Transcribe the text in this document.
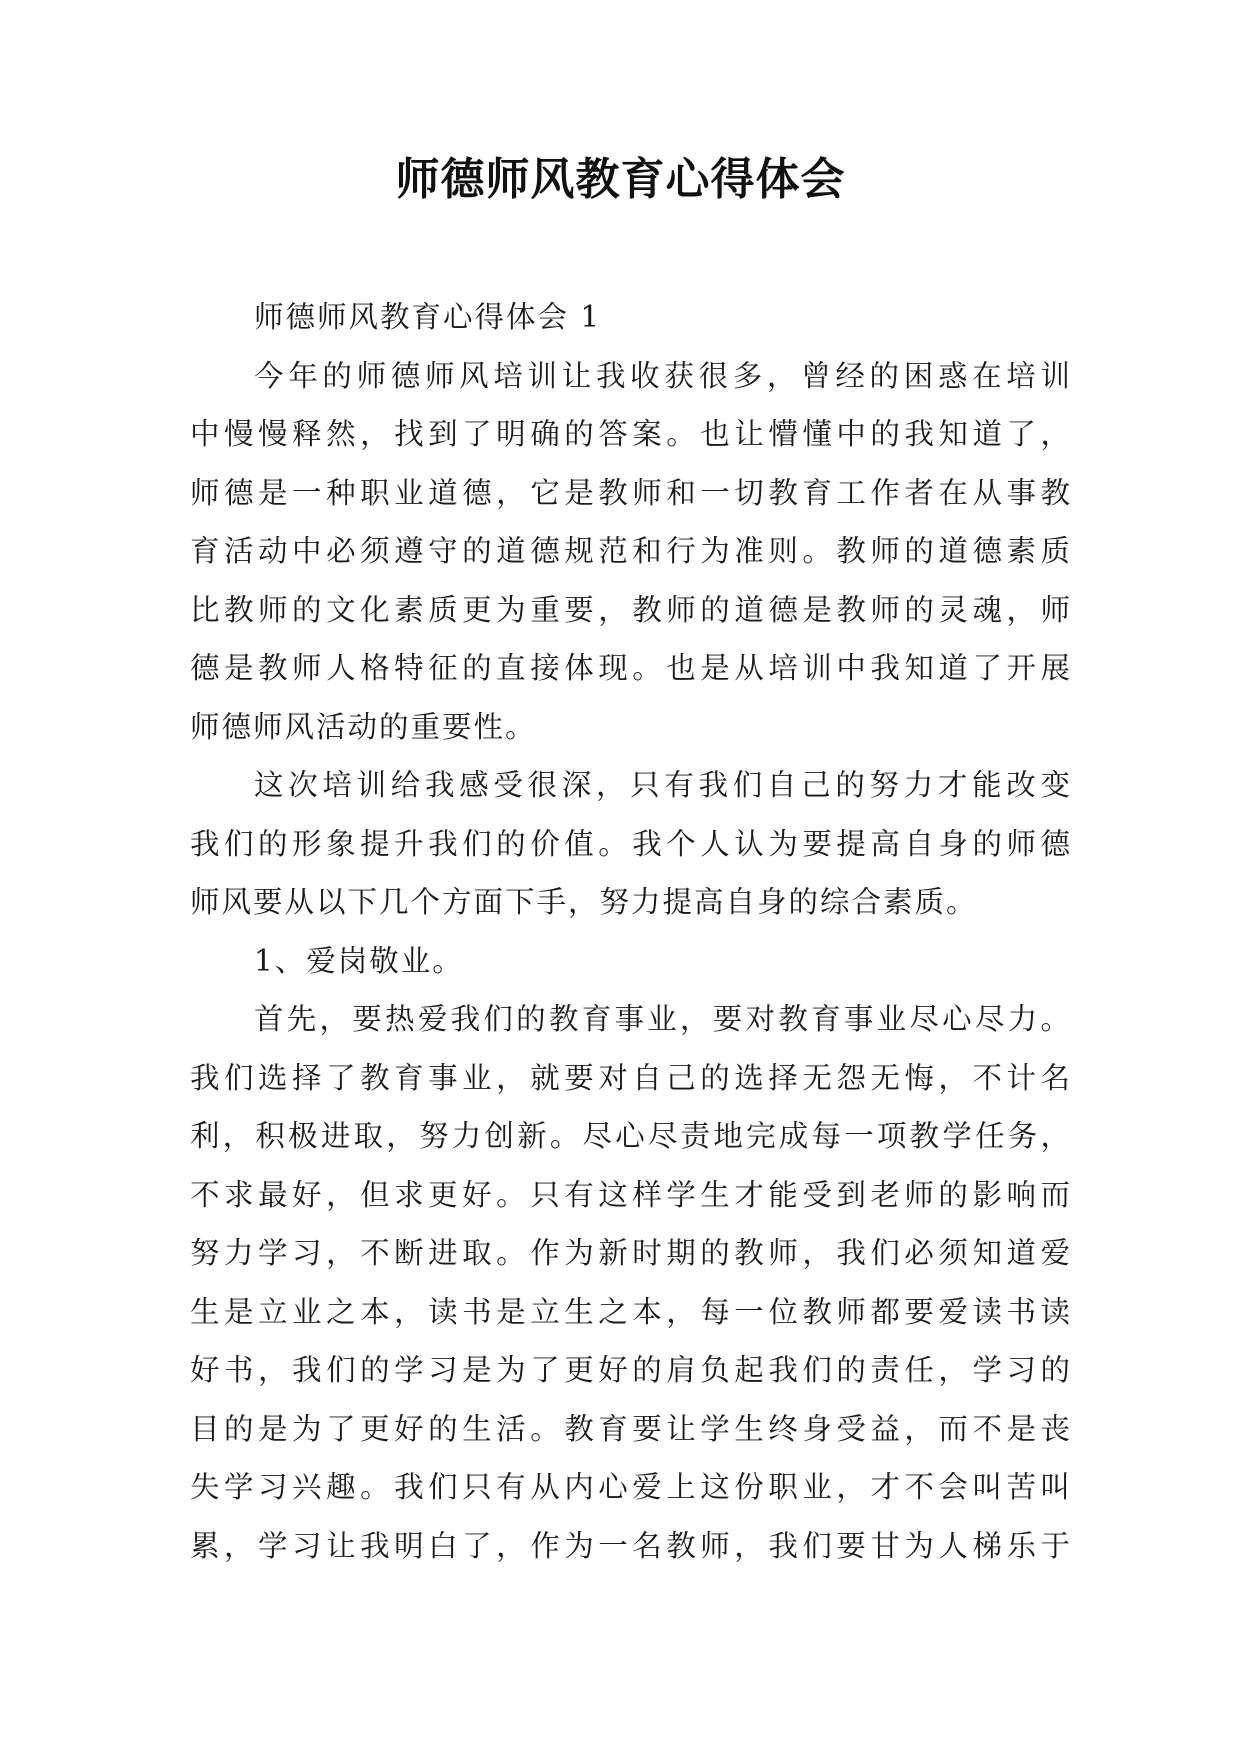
师德师风教育心得体会
师德师风教育心得体会 1
今年的师德师风培训让我收获很多，曾经的困惑在培训
中慢慢释然，找到了明确的答案。也让懵懂中的我知道了，
师德是一种职业道德，它是教师和一切教育工作者在从事教
育活动中必须遵守的道德规范和行为准则。教师的道德素质
比教师的文化素质更为重要，教师的道德是教师的灵魂，师
德是教师人格特征的直接体现。也是从培训中我知道了开展
师德师风活动的重要性。
这次培训给我感受很深，只有我们自己的努力才能改变
我们的形象提升我们的价值。我个人认为要提高自身的师德
师风要从以下几个方面下手，努力提高自身的综合素质。
1、爱岗敬业。
首先，要热爱我们的教育事业，要对教育事业尽心尽力。
我们选择了教育事业，就要对自己的选择无怨无悔，不计名
利，积极进取，努力创新。尽心尽责地完成每一项教学任务，
不求最好，但求更好。只有这样学生才能受到老师的影响而
努力学习，不断进取。作为新时期的教师，我们必须知道爱
生是立业之本，读书是立生之本，每一位教师都要爱读书读
好书，我们的学习是为了更好的肩负起我们的责任，学习的
目的是为了更好的生活。教育要让学生终身受益，而不是丧
失学习兴趣。我们只有从内心爱上这份职业，才不会叫苦叫
累，学习让我明白了，作为一名教师，我们要甘为人梯乐于
